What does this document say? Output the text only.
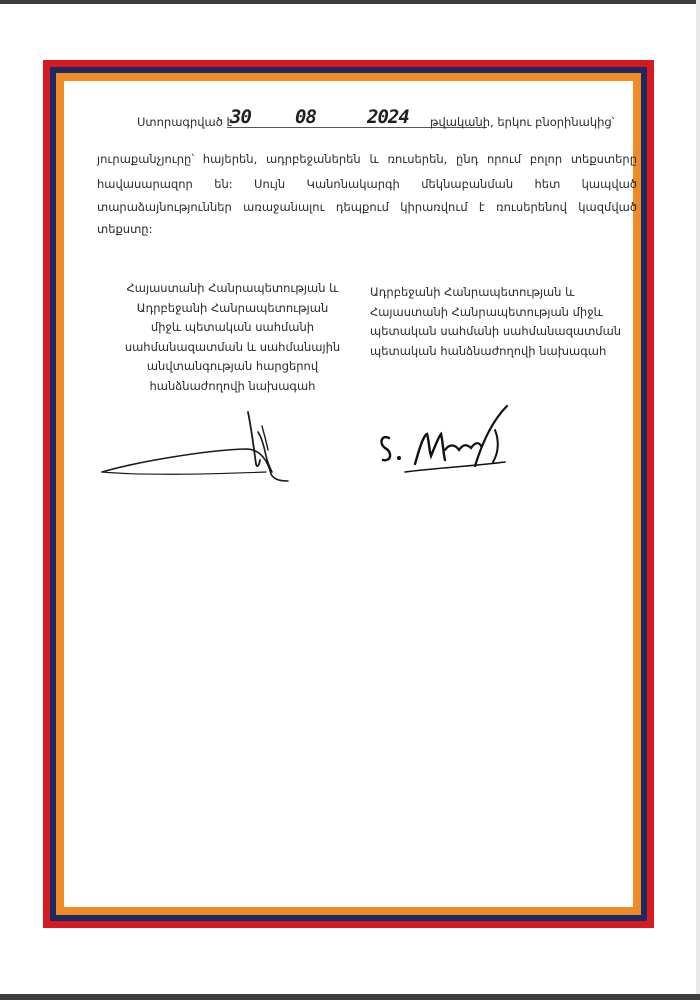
Ստորագրված է
30 08	2024 թվականի, երկու բնօրինակից՝
յուրաքանչյուրը՝ հայերեն, ադրբեջաներեն և ռուսերեն, ընդ որում բոլոր տեքստերը
հավասարազոր են: Սույն Կանոնակարգի մեկնաբանման հետ կապված
տարաձայնություններ առաջանալու դեպքում կիրառվում է ռուսերենով կազմված
տեքստը:
Հայաստանի Հանրապետության և
Ադրբեջանի Հանրապետության
միջև պետական սահմանի
սահմանազատման և սահմանային
անվտանգության հարցերով
հանձնաժողովի նախագահ
Ադրբեջանի Հանրապետության և
Հայաստանի Հանրապետության միջև
պետական սահմանի սահմանազատման
պետական հանձնաժողովի նախագահ
